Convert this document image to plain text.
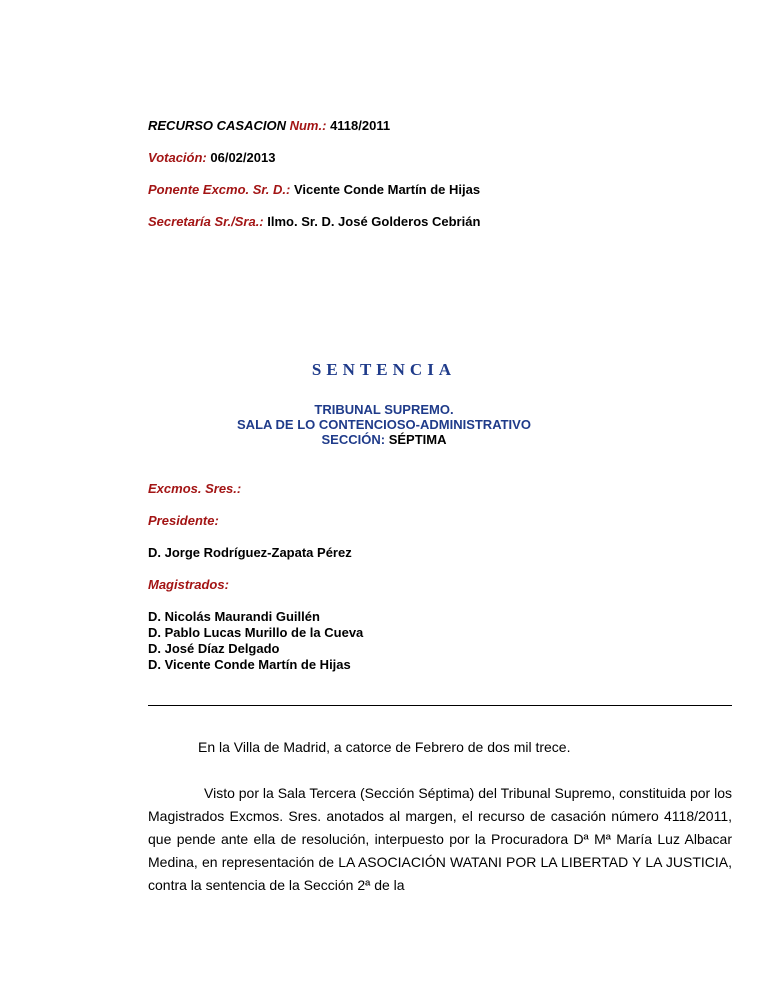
RECURSO CASACION Num.: 4118/2011
Votación: 06/02/2013
Ponente Excmo. Sr. D.: Vicente Conde Martín de Hijas
Secretaría Sr./Sra.: Ilmo. Sr. D. José Golderos Cebrián
SENTENCIA
TRIBUNAL SUPREMO.
SALA DE LO CONTENCIOSO-ADMINISTRATIVO
SECCIÓN: SÉPTIMA
Excmos. Sres.:
Presidente:
D. Jorge Rodríguez-Zapata Pérez
Magistrados:
D. Nicolás Maurandi Guillén
D. Pablo Lucas Murillo de la Cueva
D. José Díaz Delgado
D. Vicente Conde Martín de Hijas
En la Villa de Madrid, a catorce de Febrero de dos mil trece.
Visto por la Sala Tercera (Sección Séptima) del Tribunal Supremo, constituida por los Magistrados Excmos. Sres. anotados al margen, el recurso de casación número 4118/2011, que pende ante ella de resolución, interpuesto por la Procuradora Dª Mª María Luz Albacar Medina, en representación de LA ASOCIACIÓN WATANI POR LA LIBERTAD Y LA JUSTICIA, contra la sentencia de la Sección 2ª de la
